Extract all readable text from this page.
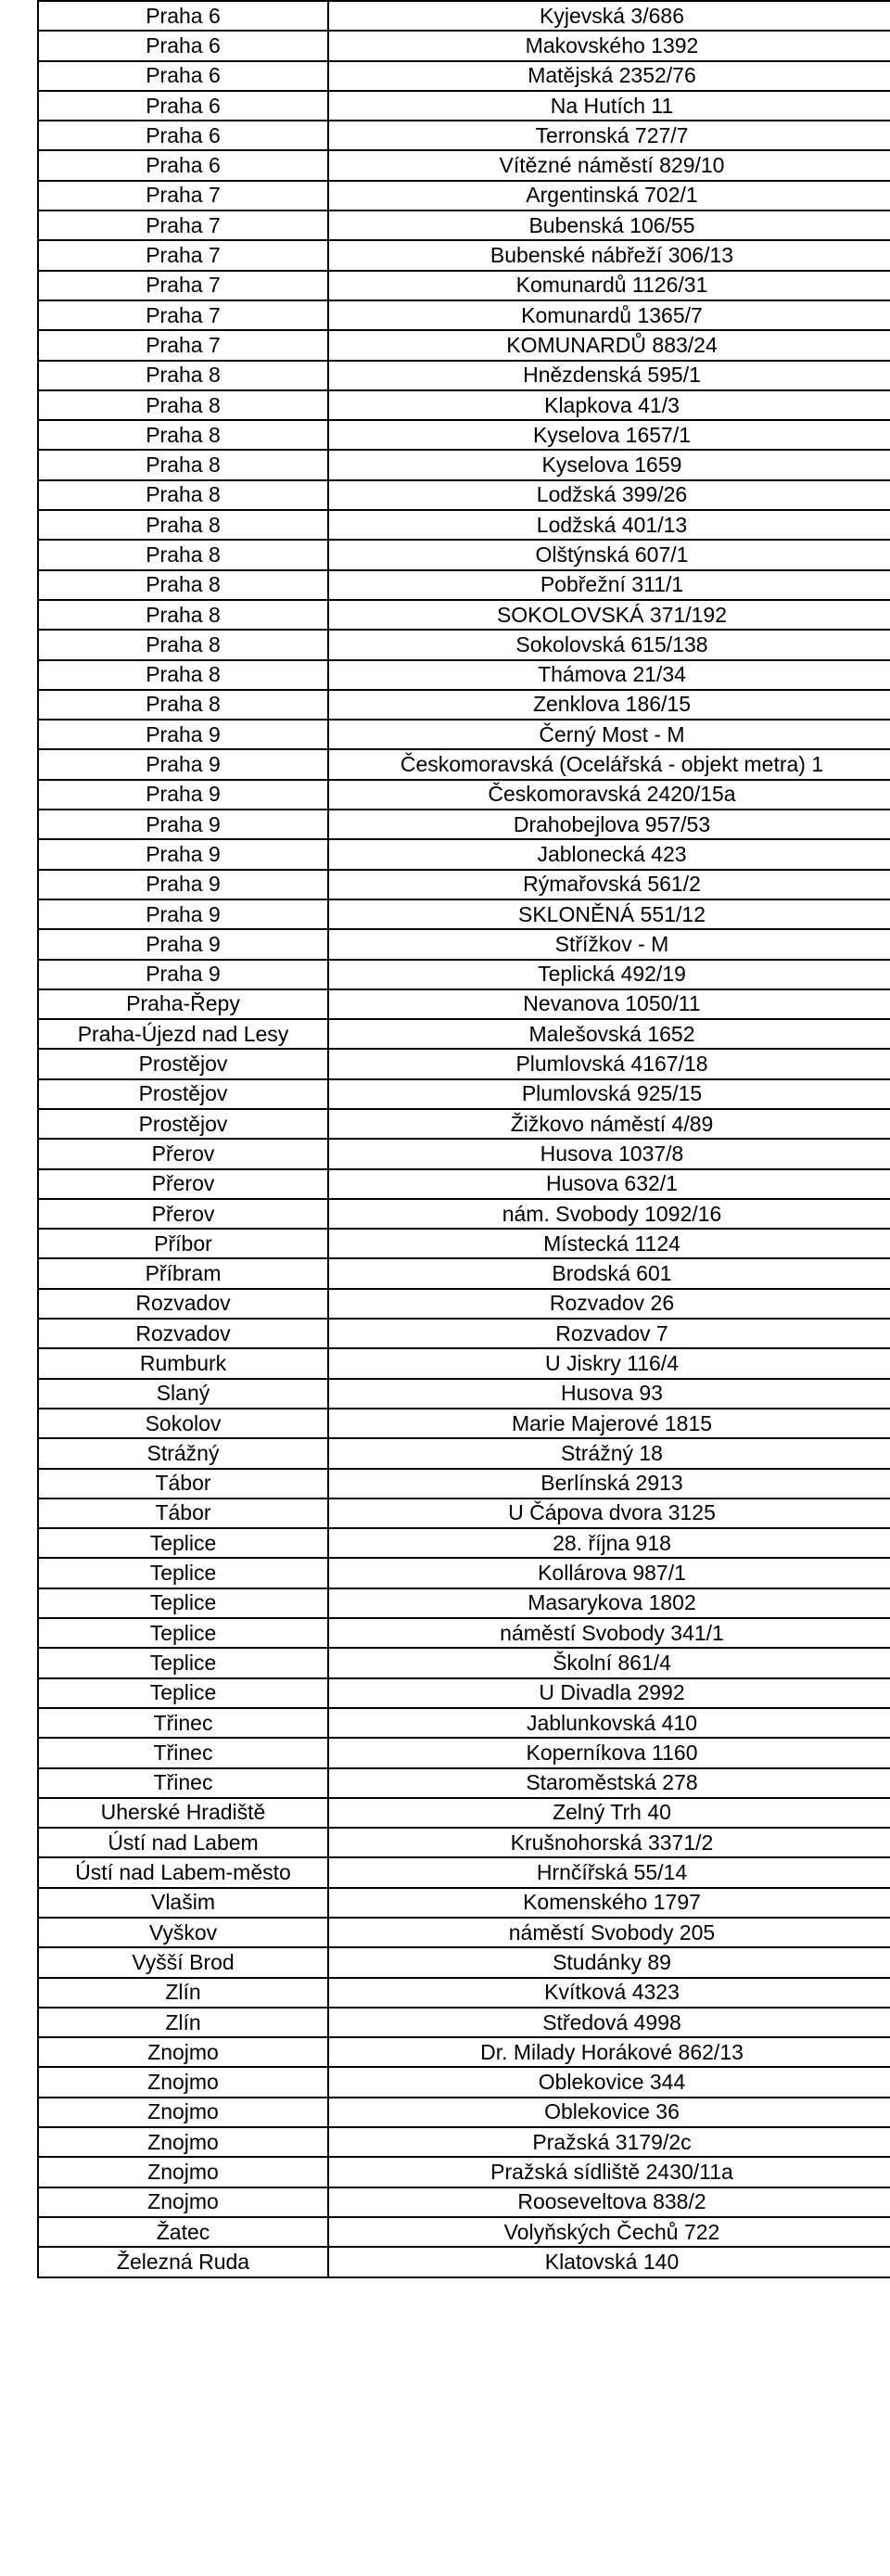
Praha 6	Kyjevská 3/686
Praha 6	Makovského 1392
Praha 6	Matějská 2352/76
Praha 6	Na Hutích 11
Praha 6	Terronská 727/7
Praha 6	Vítězné náměstí 829/10
Praha 7	Argentinská 702/1
Praha 7	Bubenská 106/55
Praha 7	Bubenské nábřeží 306/13
Praha 7	Komunardů 1126/31
Praha 7	Komunardů 1365/7
Praha 7	KOMUNARDŮ 883/24
Praha 8	Hnězdenská 595/1
Praha 8	Klapkova 41/3
Praha 8	Kyselova 1657/1
Praha 8	Kyselova 1659
Praha 8	Lodžská 399/26
Praha 8	Lodžská 401/13
Praha 8	Olštýnská 607/1
Praha 8	Pobřežní 311/1
Praha 8	SOKOLOVSKÁ 371/192
Praha 8	Sokolovská 615/138
Praha 8	Thámova 21/34
Praha 8	Zenklova 186/15
Praha 9	Černý Most - M
Praha 9	Českomoravská (Ocelářská - objekt metra) 1
Praha 9	Českomoravská 2420/15a
Praha 9	Drahobejlova 957/53
Praha 9	Jablonecká 423
Praha 9	Rýmařovská 561/2
Praha 9	SKLONĚNÁ 551/12
Praha 9	Střížkov - M
Praha 9	Teplická 492/19
Praha-Řepy	Nevanova 1050/11
Praha-Újezd nad Lesy	Malešovská 1652
Prostějov	Plumlovská 4167/18
Prostějov	Plumlovská 925/15
Prostějov	Žižkovo náměstí 4/89
Přerov	Husova 1037/8
Přerov	Husova 632/1
Přerov	nám. Svobody 1092/16
Příbor	Místecká 1124
Příbram	Brodská 601
Rozvadov	Rozvadov 26
Rozvadov	Rozvadov 7
Rumburk	U Jiskry 116/4
Slaný	Husova 93
Sokolov	Marie Majerové 1815
Strážný	Strážný 18
Tábor	Berlínská 2913
Tábor	U Čápova dvora 3125
Teplice	28. října 918
Teplice	Kollárova 987/1
Teplice	Masarykova 1802
Teplice	náměstí Svobody 341/1
Teplice	Školní 861/4
Teplice	U Divadla 2992
Třinec	Jablunkovská 410
Třinec	Koperníkova 1160
Třinec	Staroměstská 278
Uherské Hradiště	Zelný Trh 40
Ústí nad Labem	Krušnohorská 3371/2
Ústí nad Labem-město	Hrnčířská 55/14
Vlašim	Komenského 1797
Vyškov	náměstí Svobody 205
Vyšší Brod	Studánky 89
Zlín	Kvítková 4323
Zlín	Středová 4998
Znojmo	Dr. Milady Horákové 862/13
Znojmo	Oblekovice 344
Znojmo	Oblekovice 36
Znojmo	Pražská 3179/2c
Znojmo	Pražská sídliště 2430/11a
Znojmo	Rooseveltova 838/2
Žatec	Volyňských Čechů 722
Železná Ruda	Klatovská 140
